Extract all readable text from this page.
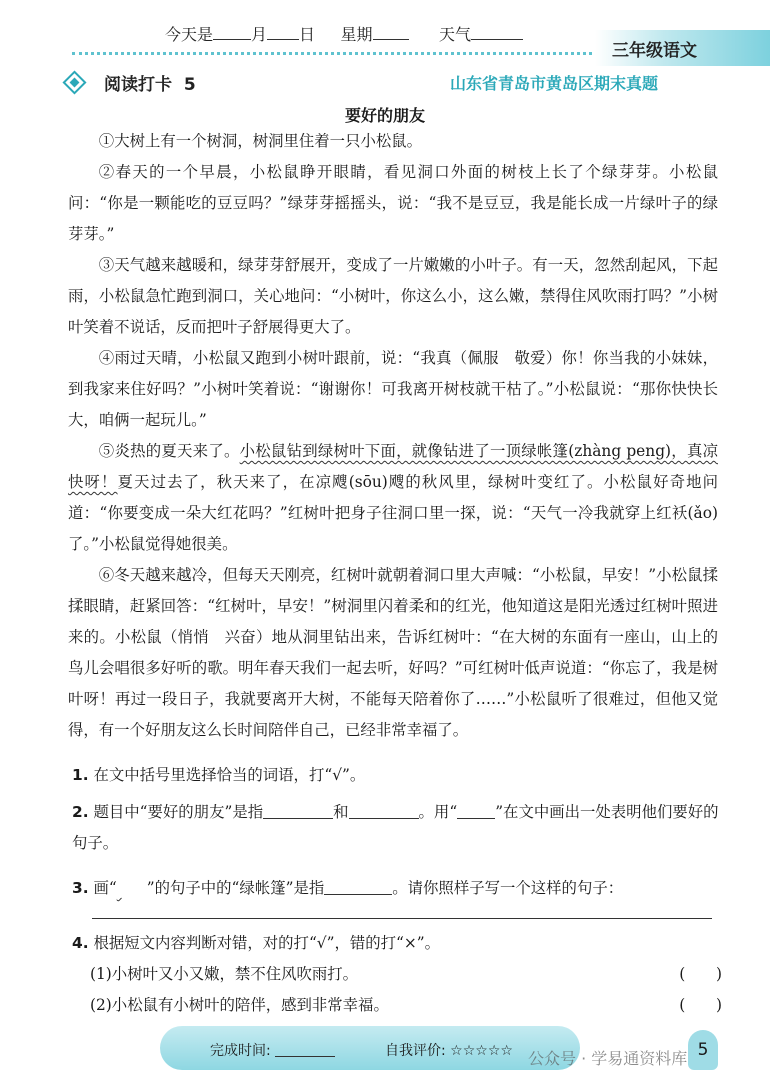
今天是 月 日 星期	天气
三年级语文
阅读打卡 5	山东省青岛市黄岛区期末真题
要好的朋友

①大树上有一个树洞，树洞里住着一只小松鼠。

②春天的一个早晨，小松鼠睁开眼睛，看见洞口外面的树枝上长了个绿芽芽。小松鼠问：“你是一颗能吃的豆豆吗？”绿芽芽摇摇头，说：“我不是豆豆，我是能长成一片绿叶子的绿芽芽。”

③天气越来越暖和，绿芽芽舒展开，变成了一片嫩嫩的小叶子。有一天，忽然刮起风，下起雨，小松鼠急忙跑到洞口，关心地问：“小树叶，你这么小，这么嫩，禁得住风吹雨打吗？”小树叶笑着不说话，反而把叶子舒展得更大了。

④雨过天晴，小松鼠又跑到小树叶跟前，说：“我真（佩服　敬爱）你！你当我的小妹妹，到我家来住好吗？”小树叶笑着说：“谢谢你！可我离开树枝就干枯了。”小松鼠说：“那你快快长大，咱俩一起玩儿。”

⑤炎热的夏天来了。小松鼠钻到绿树叶下面，就像钻进了一顶绿帐篷(zhàng peng)，真凉快呀！夏天过去了，秋天来了，在凉飕(sōu)飕的秋风里，绿树叶变红了。小松鼠好奇地问道：“你要变成一朵大红花吗？”红树叶把身子往洞口里一探，说：“天气一冷我就穿上红袄(ǎo)了。”小松鼠觉得她很美。

⑥冬天越来越冷，但每天天刚亮，红树叶就朝着洞口里大声喊：“小松鼠，早安！”小松鼠揉揉眼睛，赶紧回答：“红树叶，早安！”树洞里闪着柔和的红光，他知道这是阳光透过红树叶照进来的。小松鼠（悄悄　兴奋）地从洞里钻出来，告诉红树叶：“在大树的东面有一座山，山上的鸟儿会唱很多好听的歌。明年春天我们一起去听，好吗？”可红树叶低声说道：“你忘了，我是树叶呀！再过一段日子，我就要离开大树，不能每天陪着你了……”小松鼠听了很难过，但他又觉得，有一个好朋友这么长时间陪伴自己，已经非常幸福了。

1. 在文中括号里选择恰当的词语，打“√”。

2. 题目中“要好的朋友”是指	和	。用“ ”在文中画出一处表明他们要好的句子。

3. 画“ ”的句子中的“绿帐篷”是指	。请你照样子写一个这样的句子：

4. 根据短文内容判断对错，对的打“√”，错的打“×”。

(1)小树叶又小又嫩，禁不住风吹雨打。	(　　)

(2)小松鼠有小树叶的陪伴，感到非常幸福。	(　　)

完成时间:	自我评价: ☆☆☆☆☆	5
公众号 · 学易通资料库
